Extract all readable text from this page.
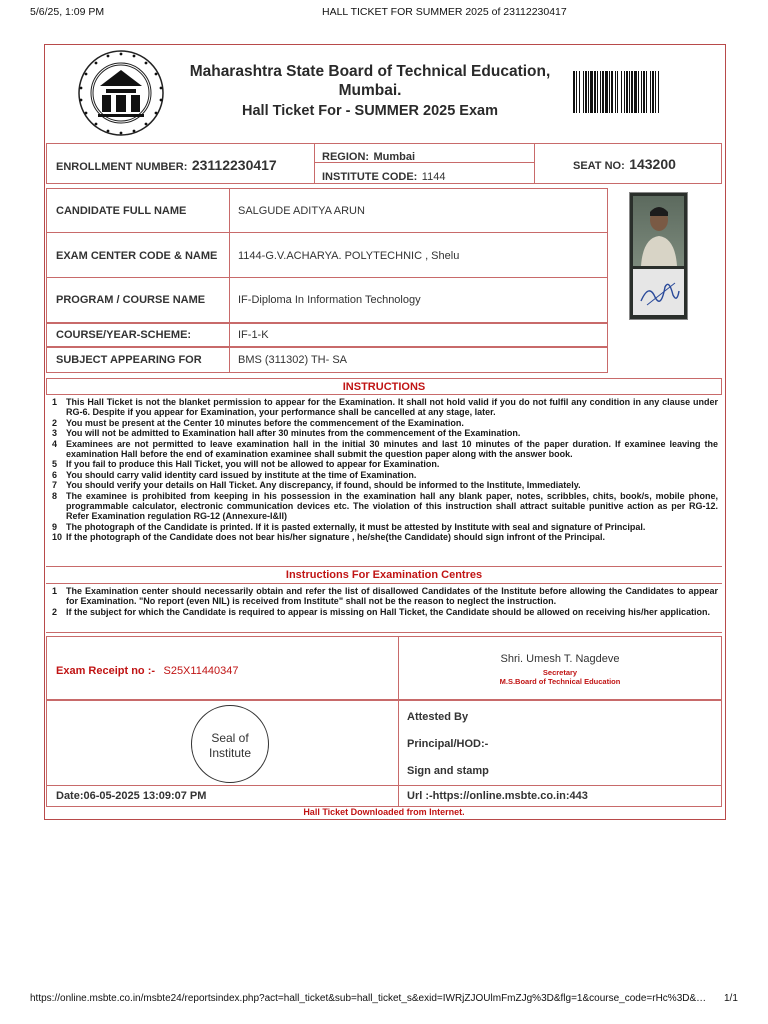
5/6/25, 1:09 PM	HALL TICKET FOR SUMMER 2025 of 23112230417
Maharashtra State Board of Technical Education,
Mumbai.
Hall Ticket For - SUMMER 2025 Exam
ENROLLMENT NUMBER: 23112230417	REGION: Mumbai
INSTITUTE CODE: 1144
SEAT NO: 143200
CANDIDATE FULL NAME	SALGUDE ADITYA ARUN
EXAM CENTER CODE & NAME 1144-G.V.ACHARYA. POLYTECHNIC , Shelu
PROGRAM / COURSE NAME	IF-Diploma In Information Technology
COURSE/YEAR-SCHEME:	IF-1-K
SUBJECT APPEARING FOR	BMS (311302) TH- SA
INSTRUCTIONS
1 This Hall Ticket is not the blanket permission to appear for the Examination. It shall not hold valid if you do not fulfil any condition in any clause under RG-6. Despite if you appear for Examination, your performance shall be cancelled at any stage, later.
2 You must be present at the Center 10 minutes before the commencement of the Examination.
3 You will not be admitted to Examination hall after 30 minutes from the commencement of the Examination.
4 Examinees are not permitted to leave examination hall in the initial 30 minutes and last 10 minutes of the paper duration. If examinee leaving the examination Hall before the end of examination examinee shall submit the question paper along with the answer book.
5 If you fail to produce this Hall Ticket, you will not be allowed to appear for Examination.
6 You should carry valid identity card issued by institute at the time of Examination.
7 You should verify your details on Hall Ticket. Any discrepancy, if found, should be informed to the Institute, Immediately.
8 The examinee is prohibited from keeping in his possession in the examination hall any blank paper, notes, scribbles, chits, book/s, mobile phone, programmable calculator, electronic communication devices etc. The violation of this instruction shall attract suitable punitive action as per RG-12. Refer Examination regulation RG-12 (Annexure-I&II)
9 The photograph of the Candidate is printed. If it is pasted externally, it must be attested by Institute with seal and signature of Principal.
10 If the photograph of the Candidate does not bear his/her signature , he/she(the Candidate) should sign infront of the Principal.
Instructions For Examination Centres
1 The Examination center should necessarily obtain and refer the list of disallowed Candidates of the Institute before allowing the Candidates to appear for Examination. "No report (even NIL) is received from Institute" shall not be the reason to neglect the instruction.
2 If the subject for which the Candidate is required to appear is missing on Hall Ticket, the Candidate should be allowed on receiving his/her application.
Exam Receipt no :- S25X11440347
Shri. Umesh T. Nagdeve
Secretary
M.S.Board of Technical Education
Seal of Institute
Attested By
Principal/HOD:-
Sign and stamp
Date:06-05-2025 13:09:07 PM	Url :-https://online.msbte.co.in:443
Hall Ticket Downloaded from Internet.
https://online.msbte.co.in/msbte24/reportsindex.php?act=hall_ticket&sub=hall_ticket_s&exid=IWRjZJOUlmFmZJg%3D&flg=1&course_code=rHc%3D&… 1/1
